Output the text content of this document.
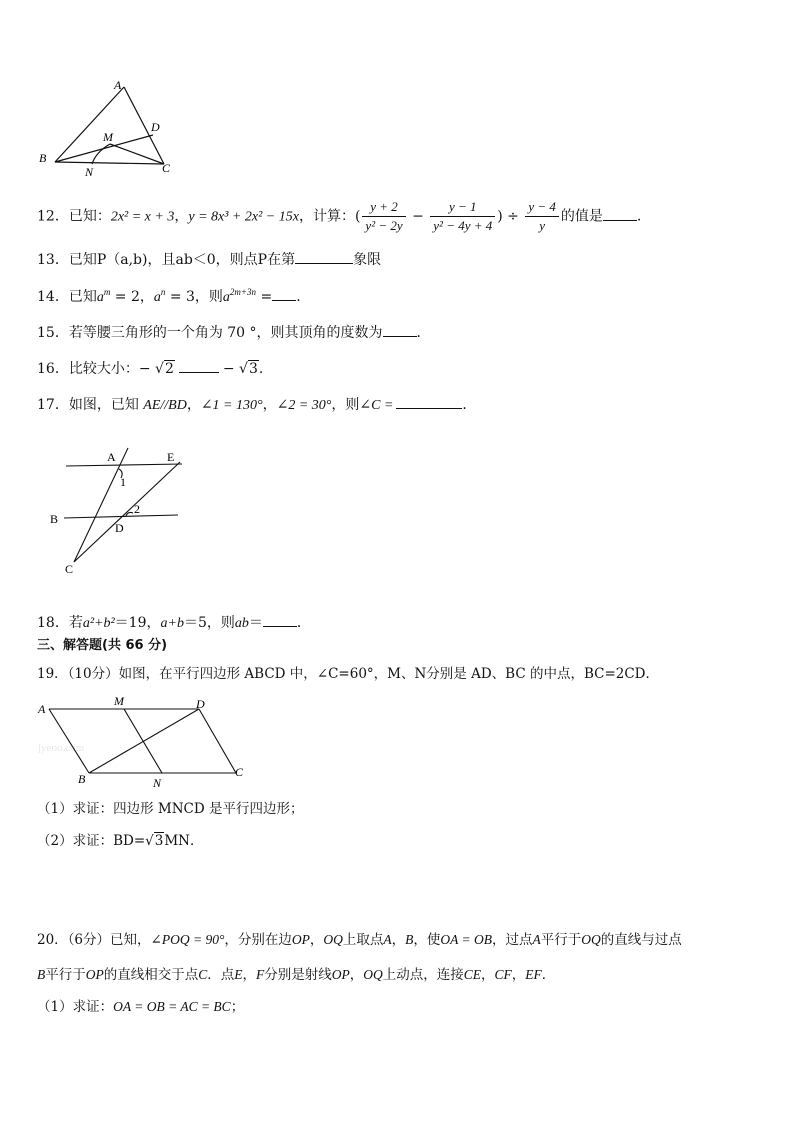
A
D
M
B
N	C
12．已知：2x² = x + 3，y = 8x³ + 2x² − 15x，计算：( $\frac{y + 2}{\text{y² − 2y}} - \frac{y - 1}{\text{y² − 4y + 4}}$ ) ÷ $\frac{y - 4}{y}$ 的值是 .
13．已知P（a,b)，且ab＜0，则点P在第	象限
14．已知$a^m = 2$，$a^n = 3$，则$a^{2m+3n}$ = .
15．若等腰三角形的一个角为 70 °，则其顶角的度数为 ．
16．比较大小：− √2	− √3.
17．如图，已知 AE//BD，∠1 = 130°，∠2 = 30°，则∠C =	．
A	E
1
B
2
D
C
18．若a²+b²＝19，a+b＝5，则ab＝ ．
三、解答题(共 66 分)
19．（10分）如图，在平行四边形 ABCD 中，∠C=60°，M、N分别是 AD、BC 的中点，BC=2CD．
jyeoo.com
A
M	D
B	N
C
（1）求证：四边形 MNCD 是平行四边形；
（2）求证：BD=√3MN．
20．（6分）已知，∠POQ = 90°，分别在边OP，OQ上取点A，B，使OA = OB，过点A平行于OQ的直线与过点
B平行于OP的直线相交于点C．点E，F分别是射线OP，OQ上动点，连接CE，CF，EF．
（1）求证：OA = OB = AC = BC；
